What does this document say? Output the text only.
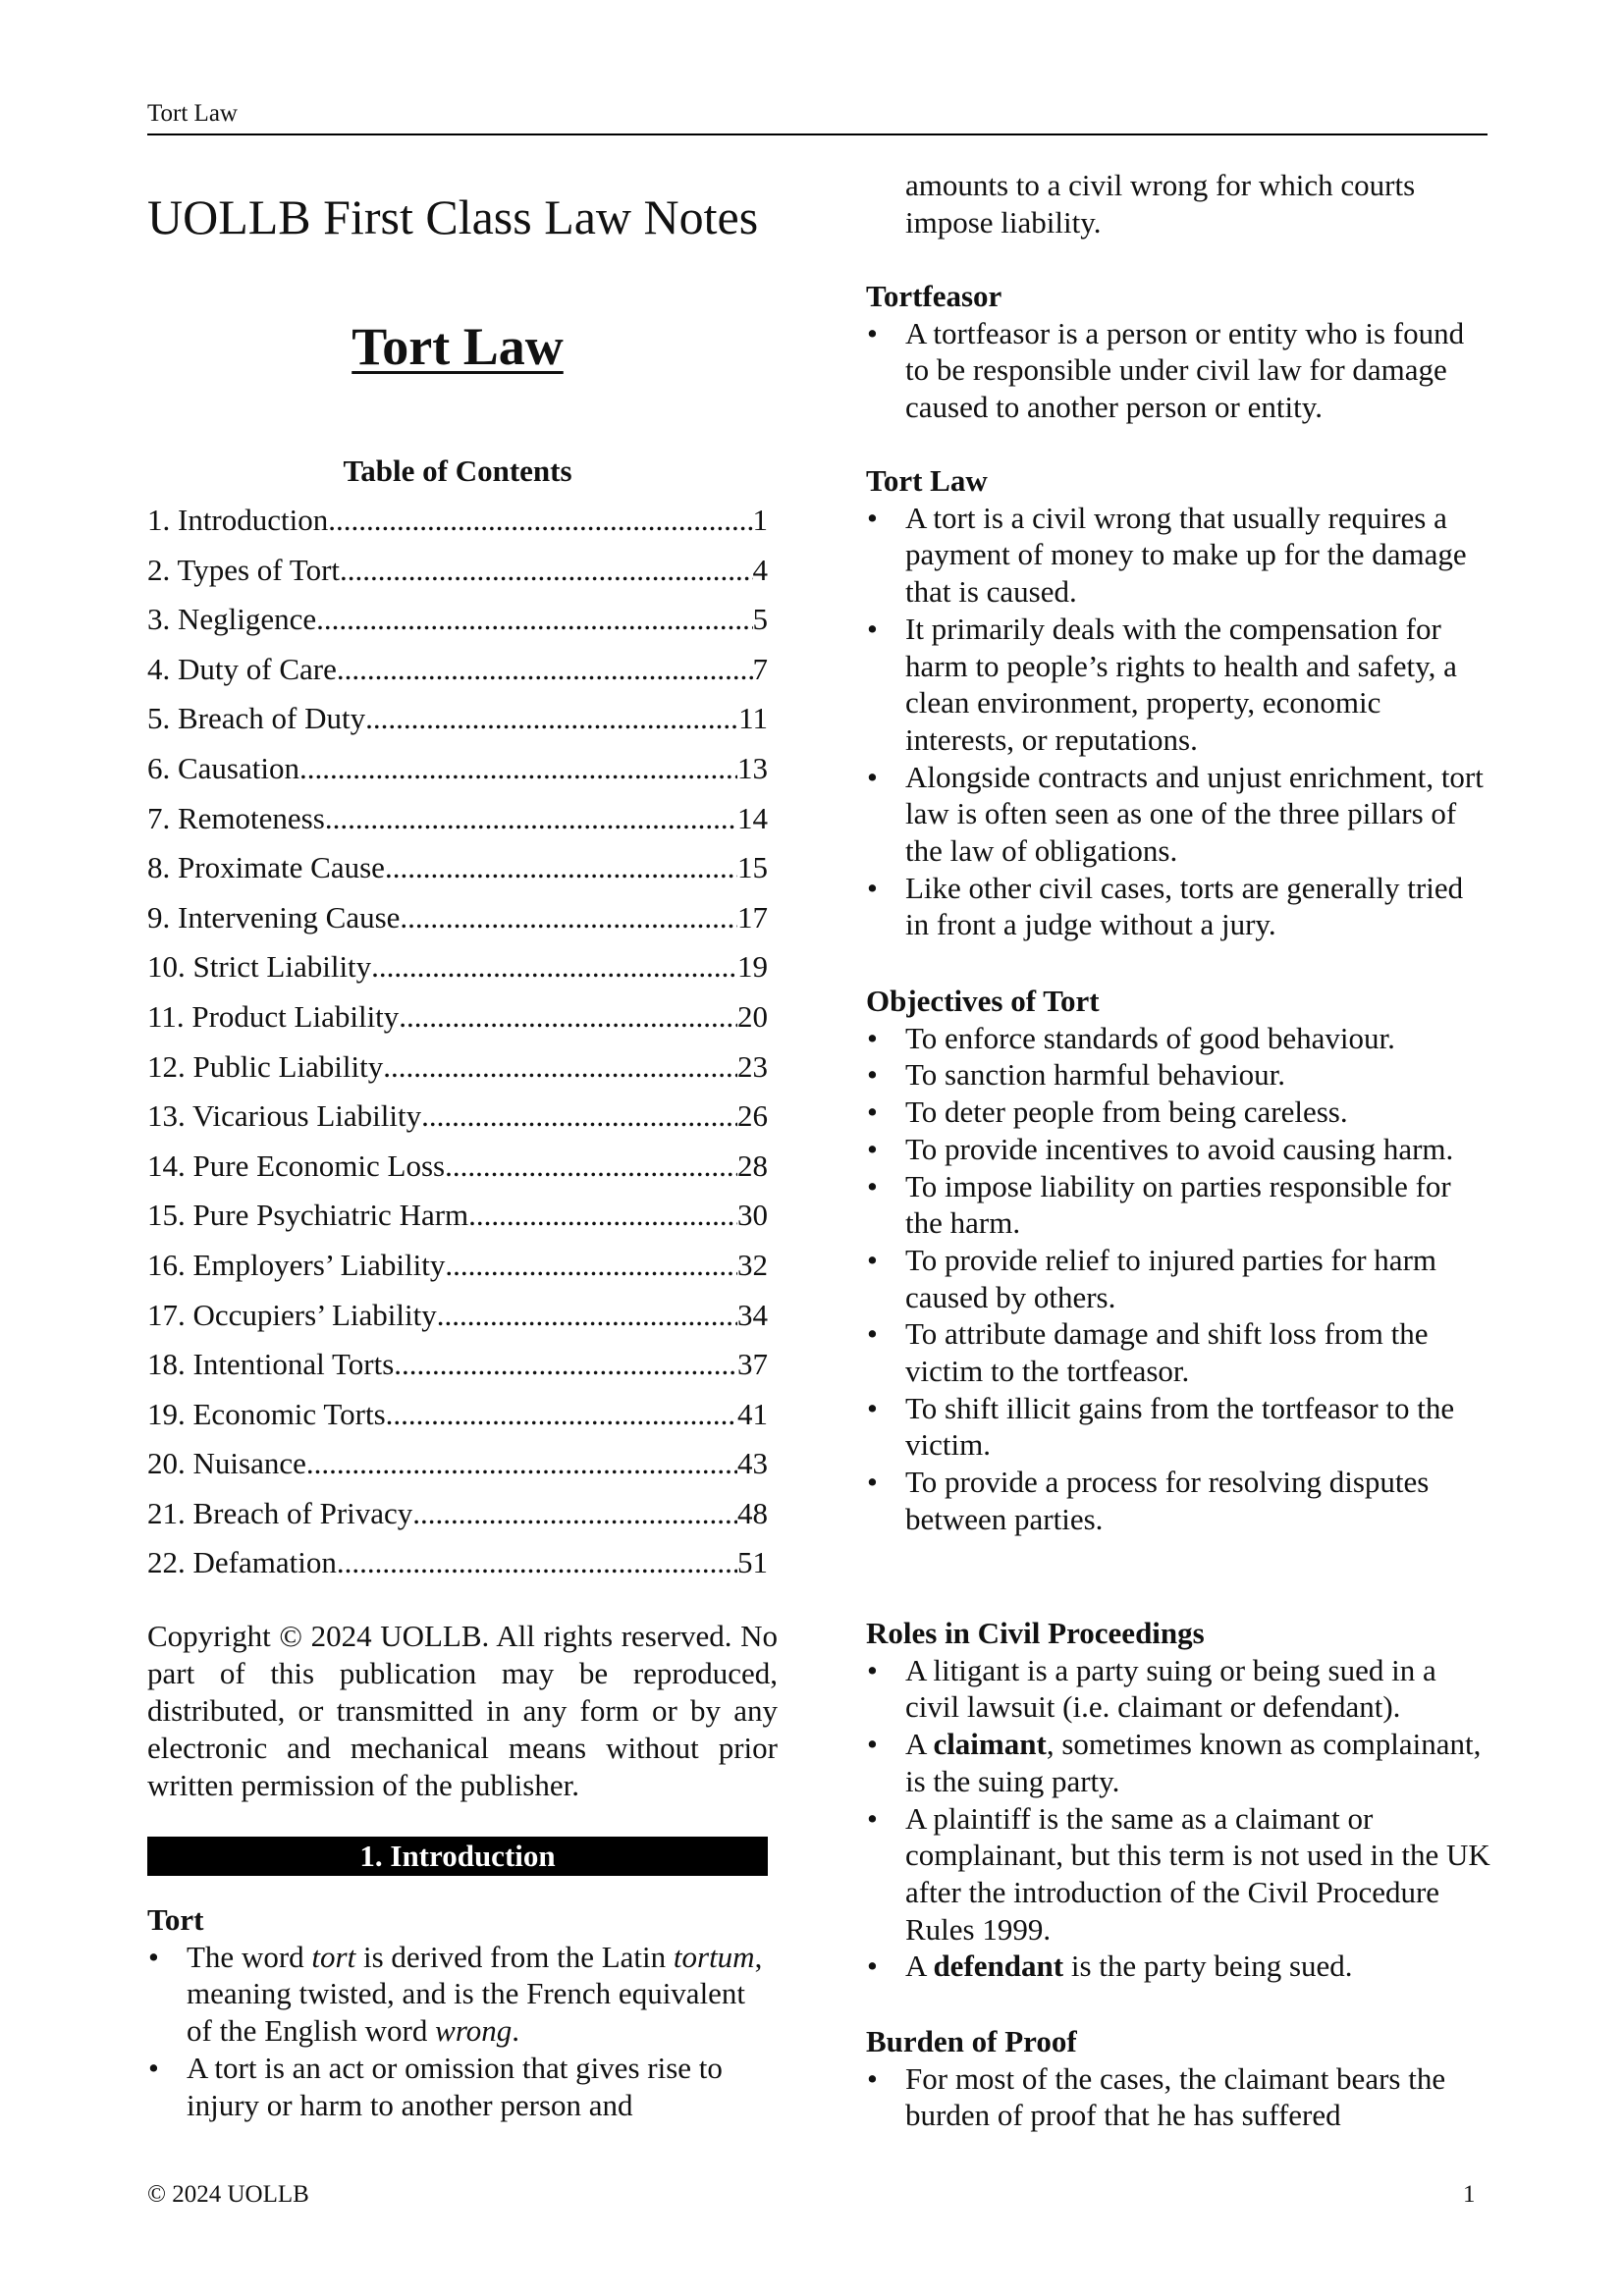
Tort Law
UOLLB First Class Law Notes
Tort Law
Table of Contents
1. Introduction .....	1
2. Types of Tort .....	4
3. Negligence .....	5
4. Duty of Care .....	7
5. Breach of Duty .....	11
6. Causation .....	13
7. Remoteness .....	14
8. Proximate Cause .....	15
9. Intervening Cause .....	17
10. Strict Liability .....	19
11. Product Liability .....	20
12. Public Liability .....	23
13. Vicarious Liability .....	26
14. Pure Economic Loss .....	28
15. Pure Psychiatric Harm .....	30
16. Employers’ Liability .....	32
17. Occupiers’ Liability .....	34
18. Intentional Torts .....	37
19. Economic Torts .....	41
20. Nuisance .....	43
21. Breach of Privacy .....	48
22. Defamation .....	51

Copyright © 2024 UOLLB. All rights reserved. No part of this publication may be reproduced, distributed, or transmitted in any form or by any electronic and mechanical means without prior written permission of the publisher.

1. Introduction
Tort
• The word tort is derived from the Latin tortum, meaning twisted, and is the French equivalent of the English word wrong.
• A tort is an act or omission that gives rise to injury or harm to another person and

amounts to a civil wrong for which courts impose liability.

Tortfeasor
• A tortfeasor is a person or entity who is found to be responsible under civil law for damage caused to another person or entity.
Tort Law
• A tort is a civil wrong that usually requires a payment of money to make up for the damage that is caused.
• It primarily deals with the compensation for harm to people’s rights to health and safety, a clean environment, property, economic interests, or reputations.
• Alongside contracts and unjust enrichment, tort law is often seen as one of the three pillars of the law of obligations.
• Like other civil cases, torts are generally tried in front a judge without a jury.
Objectives of Tort
• To enforce standards of good behaviour.
• To sanction harmful behaviour.
• To deter people from being careless.
• To provide incentives to avoid causing harm.
• To impose liability on parties responsible for the harm.
• To provide relief to injured parties for harm caused by others.
• To attribute damage and shift loss from the victim to the tortfeasor.
• To shift illicit gains from the tortfeasor to the victim.
• To provide a process for resolving disputes between parties.
Roles in Civil Proceedings
• A litigant is a party suing or being sued in a civil lawsuit (i.e. claimant or defendant).
• A claimant, sometimes known as complainant, is the suing party.
• A plaintiff is the same as a claimant or complainant, but this term is not used in the UK after the introduction of the Civil Procedure Rules 1999.
• A defendant is the party being sued.
Burden of Proof
• For most of the cases, the claimant bears the burden of proof that he has suffered
© 2024 UOLLB	1
